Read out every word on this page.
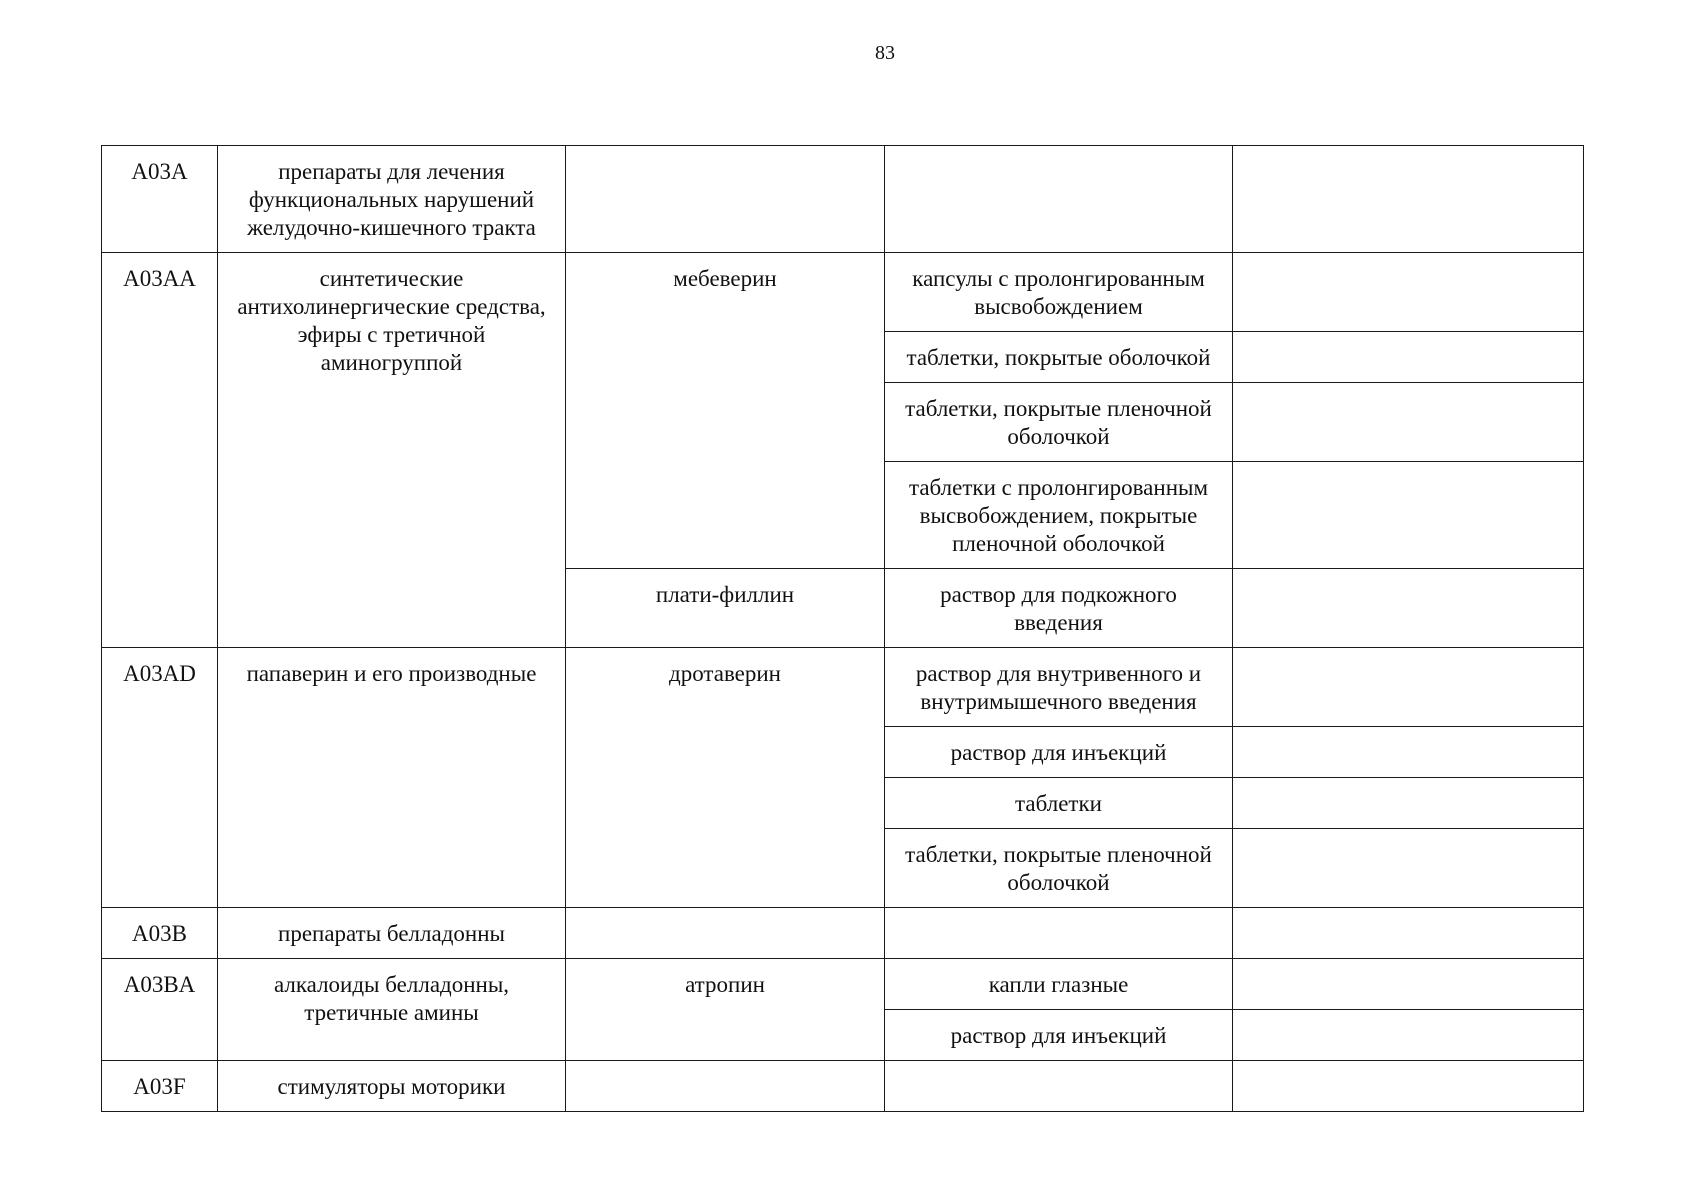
83
A03A	препараты для лечения функциональных нарушений желудочно-кишечного тракта			
A03AA	синтетические антихолинергические средства, эфиры с третичной аминогруппой	мебеверин	капсулы с пролонгированным высвобождением	
			таблетки, покрытые оболочкой	
			таблетки, покрытые пленочной оболочкой	
			таблетки с пролонгированным высвобождением, покрытые пленочной оболочкой	
		плати-филлин	раствор для подкожного введения	
A03AD	папаверин и его производные	дротаверин	раствор для внутривенного и внутримышечного введения	
			раствор для инъекций	
			таблетки	
			таблетки, покрытые пленочной оболочкой	
A03B	препараты белладонны			
A03BA	алкалоиды белладонны, третичные амины	атропин	капли глазные	
			раствор для инъекций	
A03F	стимуляторы моторики			
